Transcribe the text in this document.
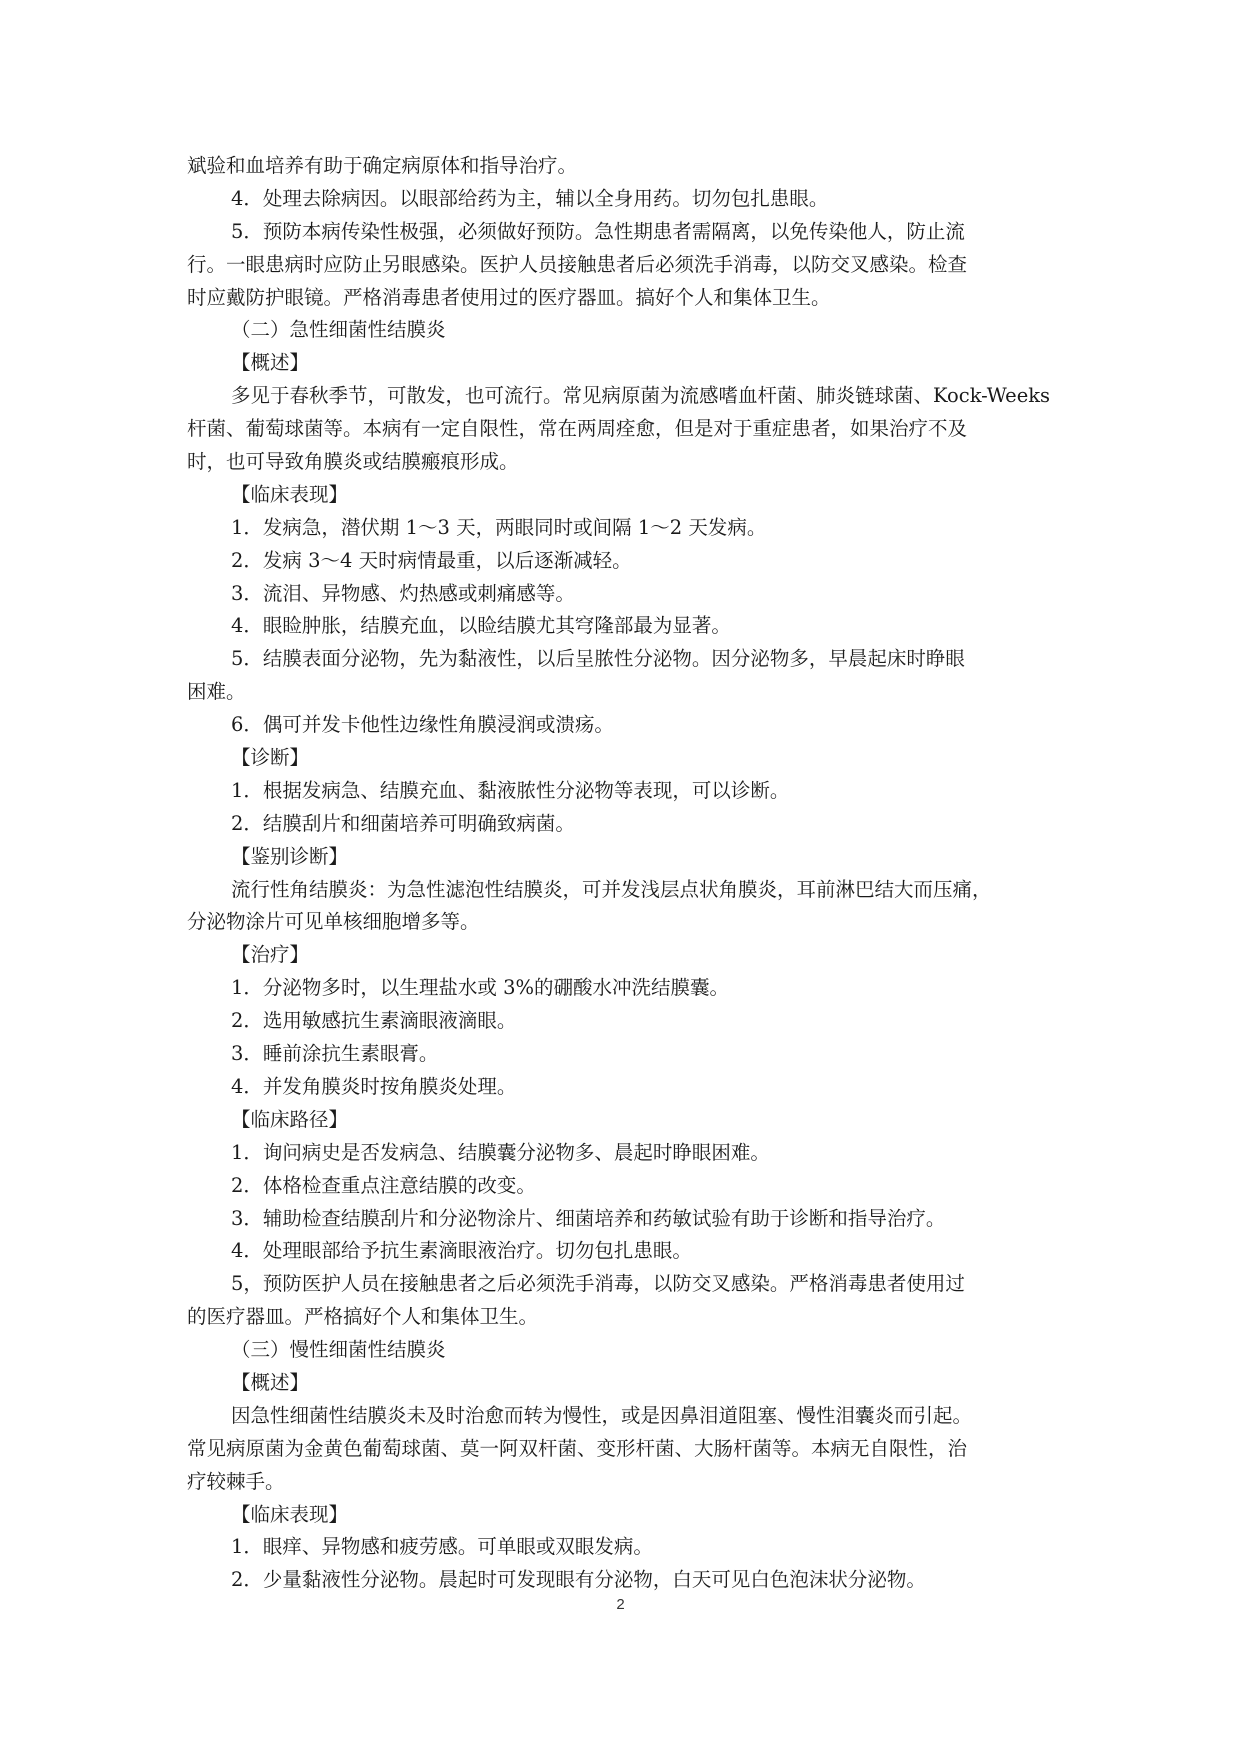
斌验和血培养有助于确定病原体和指导治疗。
4．处理去除病因。以眼部给药为主，辅以全身用药。切勿包扎患眼。
5．预防本病传染性极强，必须做好预防。急性期患者需隔离，以免传染他人，防止流
行。一眼患病时应防止另眼感染。医护人员接触患者后必须洗手消毒，以防交叉感染。检查
时应戴防护眼镜。严格消毒患者使用过的医疗器皿。搞好个人和集体卫生。
（二）急性细菌性结膜炎
【概述】
多见于春秋季节，可散发，也可流行。常见病原菌为流感嗜血杆菌、肺炎链球菌、Kock-Weeks
杆菌、葡萄球菌等。本病有一定自限性，常在两周痊愈，但是对于重症患者，如果治疗不及
时，也可导致角膜炎或结膜瘢痕形成。
【临床表现】
1．发病急，潜伏期 1～3 天，两眼同时或间隔 1～2 天发病。
2．发病 3～4 天时病情最重，以后逐渐减轻。
3．流泪、异物感、灼热感或刺痛感等。
4．眼睑肿胀，结膜充血，以睑结膜尤其穹隆部最为显著。
5．结膜表面分泌物，先为黏液性，以后呈脓性分泌物。因分泌物多，早晨起床时睁眼
困难。
6．偶可并发卡他性边缘性角膜浸润或溃疡。
【诊断】
1．根据发病急、结膜充血、黏液脓性分泌物等表现，可以诊断。
2．结膜刮片和细菌培养可明确致病菌。
【鉴别诊断】
流行性角结膜炎：为急性滤泡性结膜炎，可并发浅层点状角膜炎，耳前淋巴结大而压痛，
分泌物涂片可见单核细胞增多等。
【治疗】
1．分泌物多时，以生理盐水或 3%的硼酸水冲洗结膜囊。
2．选用敏感抗生素滴眼液滴眼。
3．睡前涂抗生素眼膏。
4．并发角膜炎时按角膜炎处理。
【临床路径】
1．询问病史是否发病急、结膜囊分泌物多、晨起时睁眼困难。
2．体格检查重点注意结膜的改变。
3．辅助检查结膜刮片和分泌物涂片、细菌培养和药敏试验有助于诊断和指导治疗。
4．处理眼部给予抗生素滴眼液治疗。切勿包扎患眼。
5，预防医护人员在接触患者之后必须洗手消毒，以防交叉感染。严格消毒患者使用过
的医疗器皿。严格搞好个人和集体卫生。
（三）慢性细菌性结膜炎
【概述】
因急性细菌性结膜炎未及时治愈而转为慢性，或是因鼻泪道阻塞、慢性泪囊炎而引起。
常见病原菌为金黄色葡萄球菌、莫一阿双杆菌、变形杆菌、大肠杆菌等。本病无自限性，治
疗较棘手。
【临床表现】
1．眼痒、异物感和疲劳感。可单眼或双眼发病。
2．少量黏液性分泌物。晨起时可发现眼有分泌物，白天可见白色泡沫状分泌物。
2
